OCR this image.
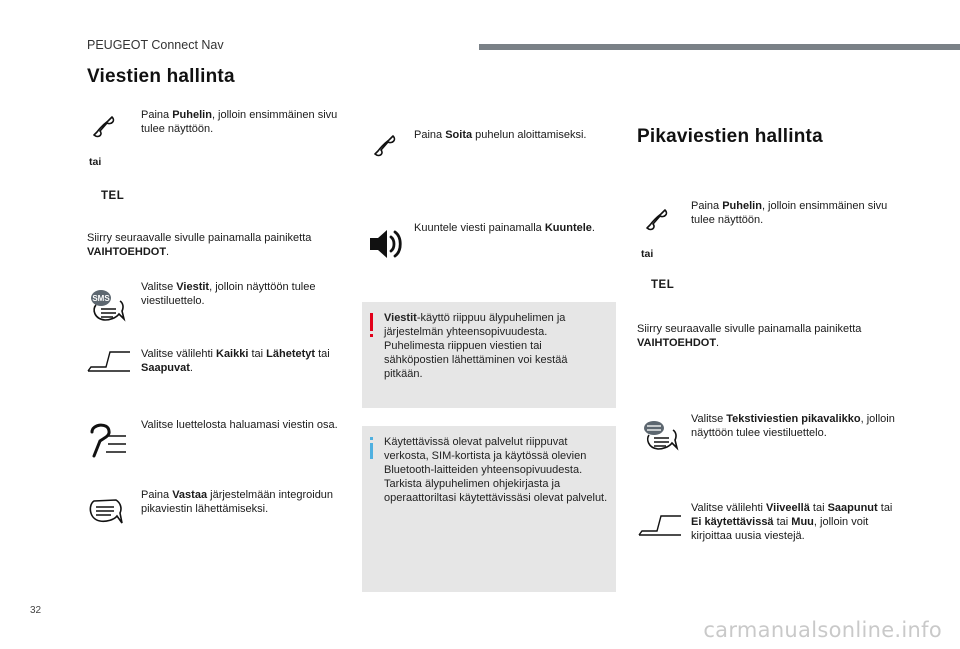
PEUGEOT Connect Nav
Viestien hallinta
Paina Puhelin, jolloin ensimmäinen sivu tulee näyttöön.
tai
TEL
Siirry seuraavalle sivulle painamalla painiketta VAIHTOEHDOT.
SMS
Valitse Viestit, jolloin näyttöön tulee viestiluettelo.
Valitse välilehti Kaikki tai Lähetetyt tai Saapuvat.
Valitse luettelosta haluamasi viestin osa.
Paina Vastaa järjestelmään integroidun pikaviestin lähettämiseksi.
Paina Soita puhelun aloittamiseksi.
Kuuntele viesti painamalla Kuuntele.
Viestit-käyttö riippuu älypuhelimen ja järjestelmän yhteensopivuudesta. Puhelimesta riippuen viestien tai sähköpostien lähettäminen voi kestää pitkään.
Käytettävissä olevat palvelut riippuvat verkosta, SIM-kortista ja käytössä olevien Bluetooth-laitteiden yhteensopivuudesta. Tarkista älypuhelimen ohjekirjasta ja operaattoriltasi käytettävissäsi olevat palvelut.
Pikaviestien hallinta
Paina Puhelin, jolloin ensimmäinen sivu tulee näyttöön.
tai
TEL
Siirry seuraavalle sivulle painamalla painiketta VAIHTOEHDOT.
Valitse Tekstiviestien pikavalikko, jolloin näyttöön tulee viestiluettelo.
Valitse välilehti Viiveellä tai Saapunut tai Ei käytettävissä tai Muu, jolloin voit kirjoittaa uusia viestejä.
32
carmanualsonline.info
